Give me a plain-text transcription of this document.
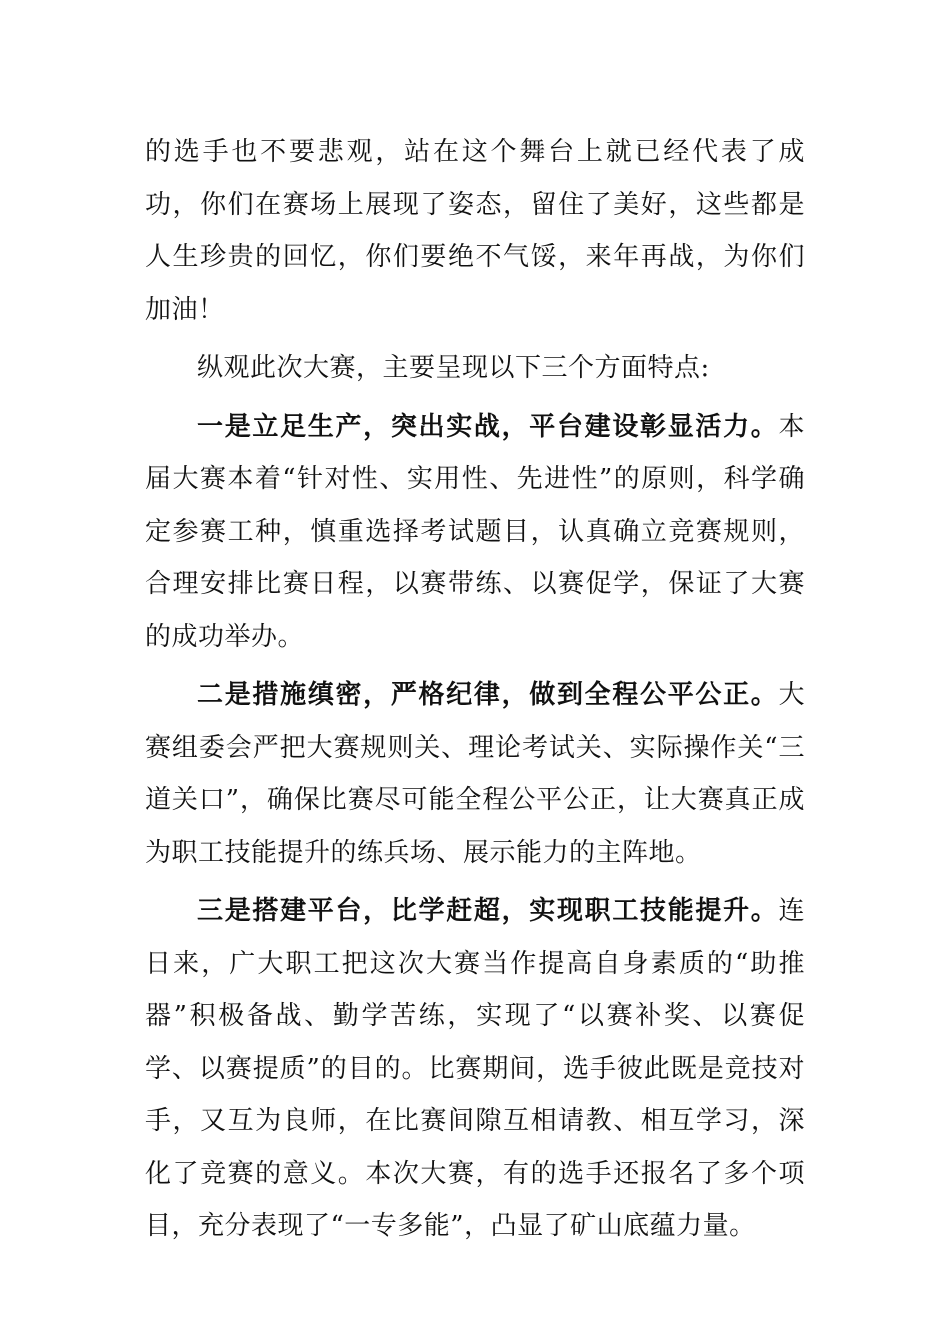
的选手也不要悲观，站在这个舞台上就已经代表了成功，你们在赛场上展现了姿态，留住了美好，这些都是人生珍贵的回忆，你们要绝不气馁，来年再战，为你们加油！

纵观此次大赛，主要呈现以下三个方面特点:

一是立足生产，突出实战，平台建设彰显活力。本届大赛本着“针对性、实用性、先进性”的原则，科学确定参赛工种，慎重选择考试题目，认真确立竞赛规则，合理安排比赛日程，以赛带练、以赛促学，保证了大赛的成功举办。

二是措施缜密，严格纪律，做到全程公平公正。大赛组委会严把大赛规则关、理论考试关、实际操作关“三道关口”，确保比赛尽可能全程公平公正，让大赛真正成为职工技能提升的练兵场、展示能力的主阵地。

三是搭建平台，比学赶超，实现职工技能提升。连日来，广大职工把这次大赛当作提高自身素质的“助推器”积极备战、勤学苦练，实现了“以赛补奖、以赛促学、以赛提质”的目的。比赛期间，选手彼此既是竞技对手，又互为良师，在比赛间隙互相请教、相互学习，深化了竞赛的意义。本次大赛，有的选手还报名了多个项目，充分表现了“一专多能”，凸显了矿山底蕴力量。
